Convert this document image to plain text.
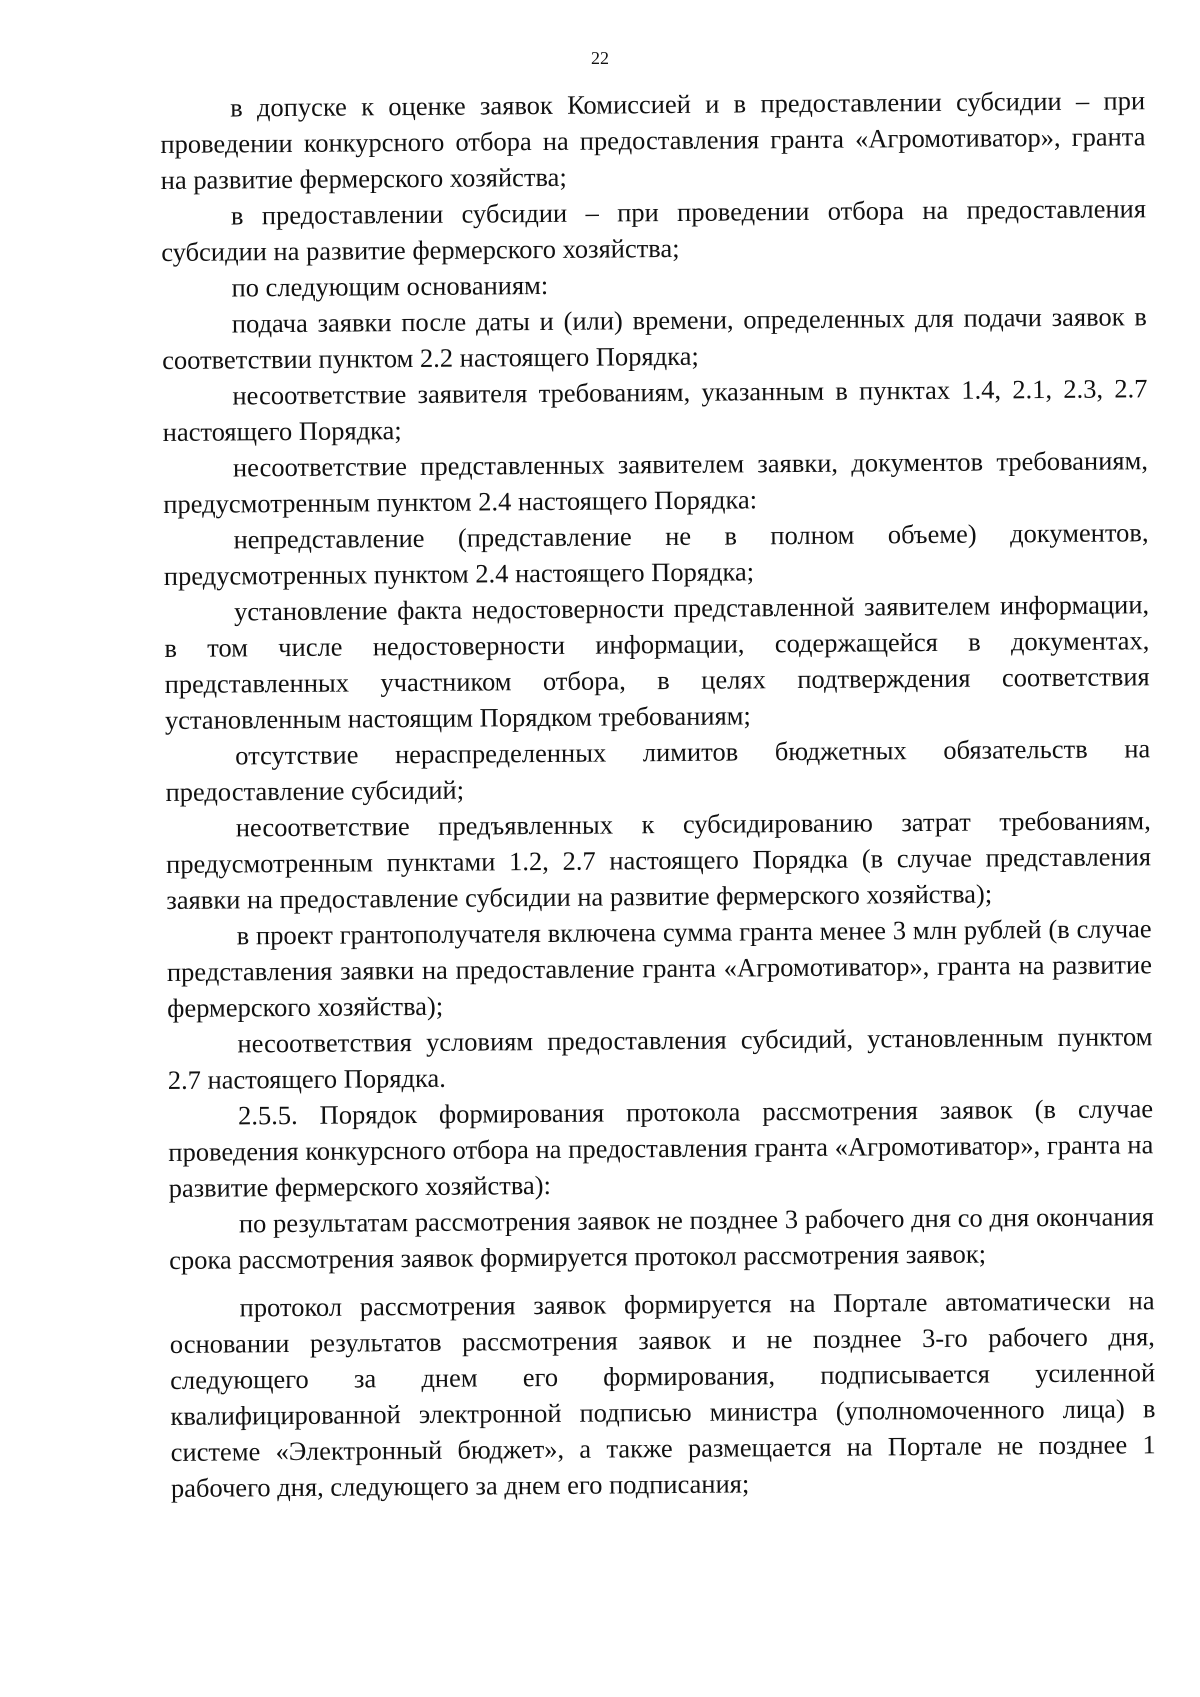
22

в допуске к оценке заявок Комиссией и в предоставлении субсидии – при проведении конкурсного отбора на предоставления гранта «Агромотиватор», гранта на развитие фермерского хозяйства;

в предоставлении субсидии – при проведении отбора на предоставления субсидии на развитие фермерского хозяйства;

по следующим основаниям:

подача заявки после даты и (или) времени, определенных для подачи заявок в соответствии пунктом 2.2 настоящего Порядка;

несоответствие заявителя требованиям, указанным в пунктах 1.4, 2.1, 2.3, 2.7 настоящего Порядка;

несоответствие представленных заявителем заявки, документов требованиям, предусмотренным пунктом 2.4 настоящего Порядка:

непредставление (представление не в полном объеме) документов, предусмотренных пунктом 2.4 настоящего Порядка;

установление факта недостоверности представленной заявителем информации, в том числе недостоверности информации, содержащейся в документах, представленных участником отбора, в целях подтверждения соответствия установленным настоящим Порядком требованиям;

отсутствие нераспределенных лимитов бюджетных обязательств на предоставление субсидий;

несоответствие предъявленных к субсидированию затрат требованиям, предусмотренным пунктами 1.2, 2.7 настоящего Порядка (в случае представления заявки на предоставление субсидии на развитие фермерского хозяйства);

в проект грантополучателя включена сумма гранта менее 3 млн рублей (в случае представления заявки на предоставление гранта «Агромотиватор», гранта на развитие фермерского хозяйства);

несоответствия условиям предоставления субсидий, установленным пунктом 2.7 настоящего Порядка.

2.5.5. Порядок формирования протокола рассмотрения заявок (в случае проведения конкурсного отбора на предоставления гранта «Агромотиватор», гранта на развитие фермерского хозяйства):

по результатам рассмотрения заявок не позднее 3 рабочего дня со дня окончания срока рассмотрения заявок формируется протокол рассмотрения заявок;

протокол рассмотрения заявок формируется на Портале автоматически на основании результатов рассмотрения заявок и не позднее 3-го рабочего дня, следующего за днем его формирования, подписывается усиленной квалифицированной электронной подписью министра (уполномоченного лица) в системе «Электронный бюджет», а также размещается на Портале не позднее 1 рабочего дня, следующего за днем его подписания;
